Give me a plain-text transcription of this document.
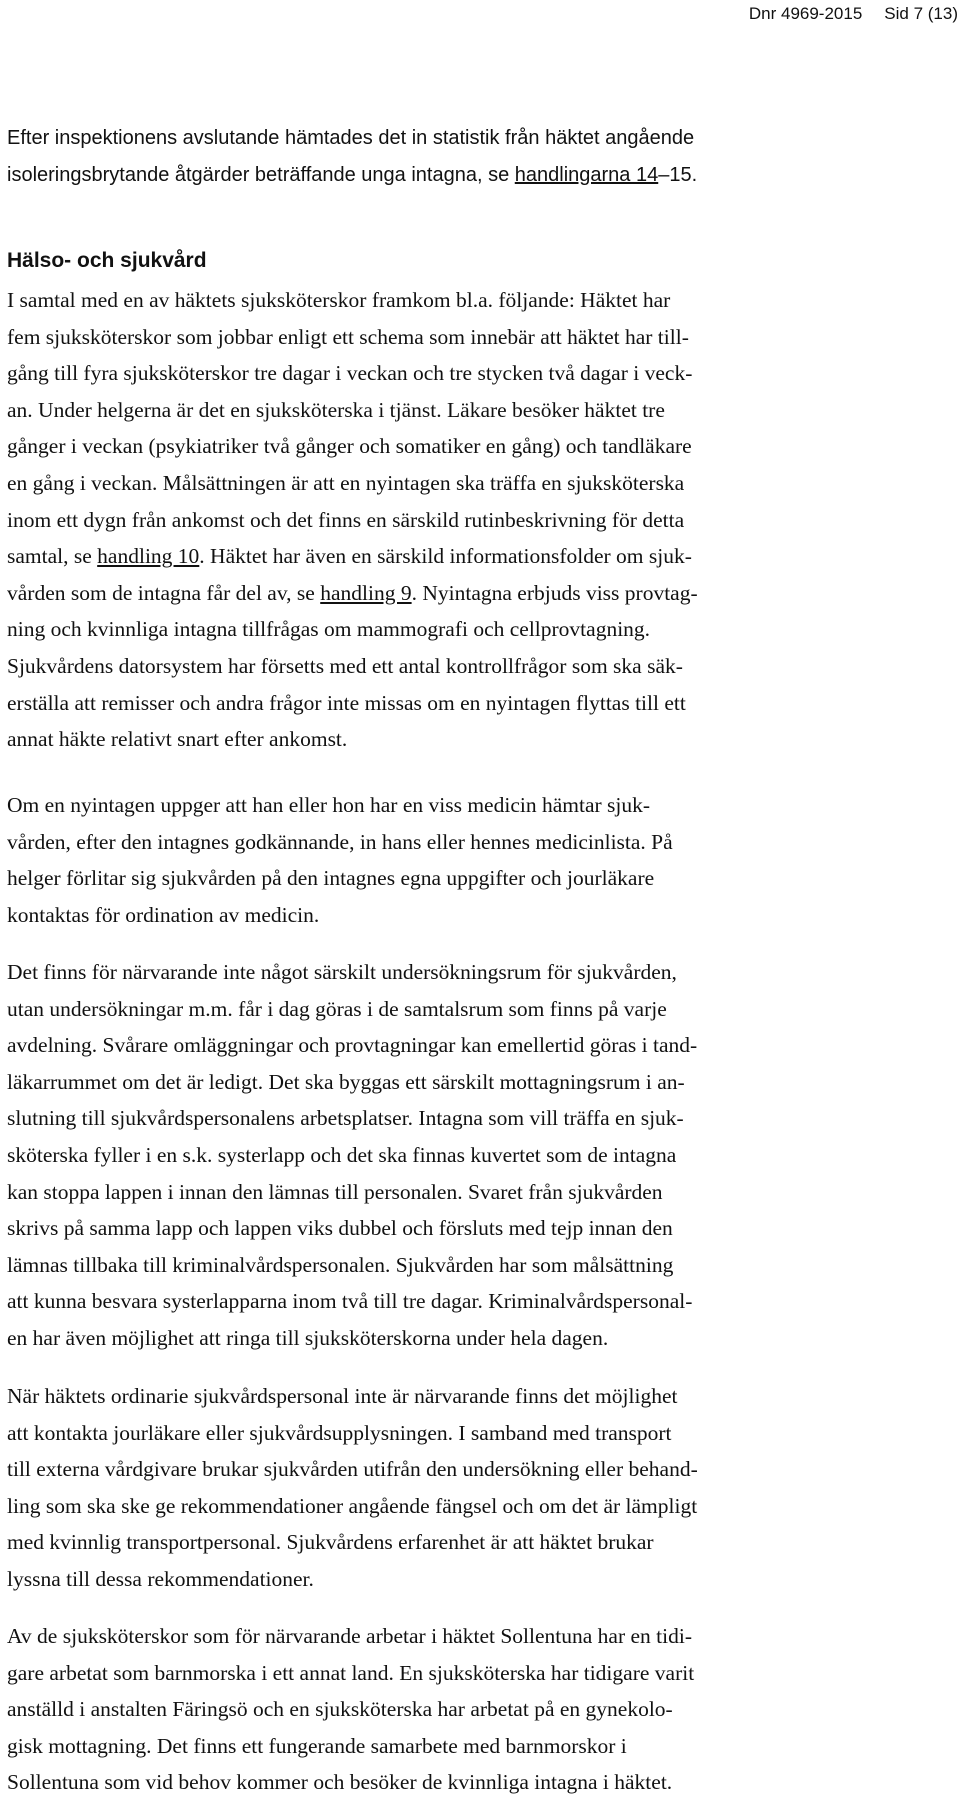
Dnr 4969-2015 Sid 7 (13)
Efter inspektionens avslutande hämtades det in statistik från häktet angående
isoleringsbrytande åtgärder beträffande unga intagna, se handlingarna 14–15.
Hälso- och sjukvård
I samtal med en av häktets sjuksköterskor framkom bl.a. följande: Häktet har
fem sjuksköterskor som jobbar enligt ett schema som innebär att häktet har till-
gång till fyra sjuksköterskor tre dagar i veckan och tre stycken två dagar i veck-
an. Under helgerna är det en sjuksköterska i tjänst. Läkare besöker häktet tre
gånger i veckan (psykiatriker två gånger och somatiker en gång) och tandläkare
en gång i veckan. Målsättningen är att en nyintagen ska träffa en sjuksköterska
inom ett dygn från ankomst och det finns en särskild rutinbeskrivning för detta
samtal, se handling 10. Häktet har även en särskild informationsfolder om sjuk-
vården som de intagna får del av, se handling 9. Nyintagna erbjuds viss provtag-
ning och kvinnliga intagna tillfrågas om mammografi och cellprovtagning.
Sjukvårdens datorsystem har försetts med ett antal kontrollfrågor som ska säk-
erställa att remisser och andra frågor inte missas om en nyintagen flyttas till ett
annat häkte relativt snart efter ankomst.
Om en nyintagen uppger att han eller hon har en viss medicin hämtar sjuk-
vården, efter den intagnes godkännande, in hans eller hennes medicinlista. På
helger förlitar sig sjukvården på den intagnes egna uppgifter och jourläkare
kontaktas för ordination av medicin.
Det finns för närvarande inte något särskilt undersökningsrum för sjukvården,
utan undersökningar m.m. får i dag göras i de samtalsrum som finns på varje
avdelning. Svårare omläggningar och provtagningar kan emellertid göras i tand-
läkarrummet om det är ledigt. Det ska byggas ett särskilt mottagningsrum i an-
slutning till sjukvårdspersonalens arbetsplatser. Intagna som vill träffa en sjuk-
sköterska fyller i en s.k. systerlapp och det ska finnas kuvertet som de intagna
kan stoppa lappen i innan den lämnas till personalen. Svaret från sjukvården
skrivs på samma lapp och lappen viks dubbel och försluts med tejp innan den
lämnas tillbaka till kriminalvårdspersonalen. Sjukvården har som målsättning
att kunna besvara systerlapparna inom två till tre dagar. Kriminalvårdspersonal-
en har även möjlighet att ringa till sjuksköterskorna under hela dagen.
När häktets ordinarie sjukvårdspersonal inte är närvarande finns det möjlighet
att kontakta jourläkare eller sjukvårdsupplysningen. I samband med transport
till externa vårdgivare brukar sjukvården utifrån den undersökning eller behand-
ling som ska ske ge rekommendationer angående fängsel och om det är lämpligt
med kvinnlig transportpersonal. Sjukvårdens erfarenhet är att häktet brukar
lyssna till dessa rekommendationer.
Av de sjuksköterskor som för närvarande arbetar i häktet Sollentuna har en tidi-
gare arbetat som barnmorska i ett annat land. En sjuksköterska har tidigare varit
anställd i anstalten Färingsö och en sjuksköterska har arbetat på en gynekolo-
gisk mottagning. Det finns ett fungerande samarbete med barnmorskor i
Sollentuna som vid behov kommer och besöker de kvinnliga intagna i häktet.
